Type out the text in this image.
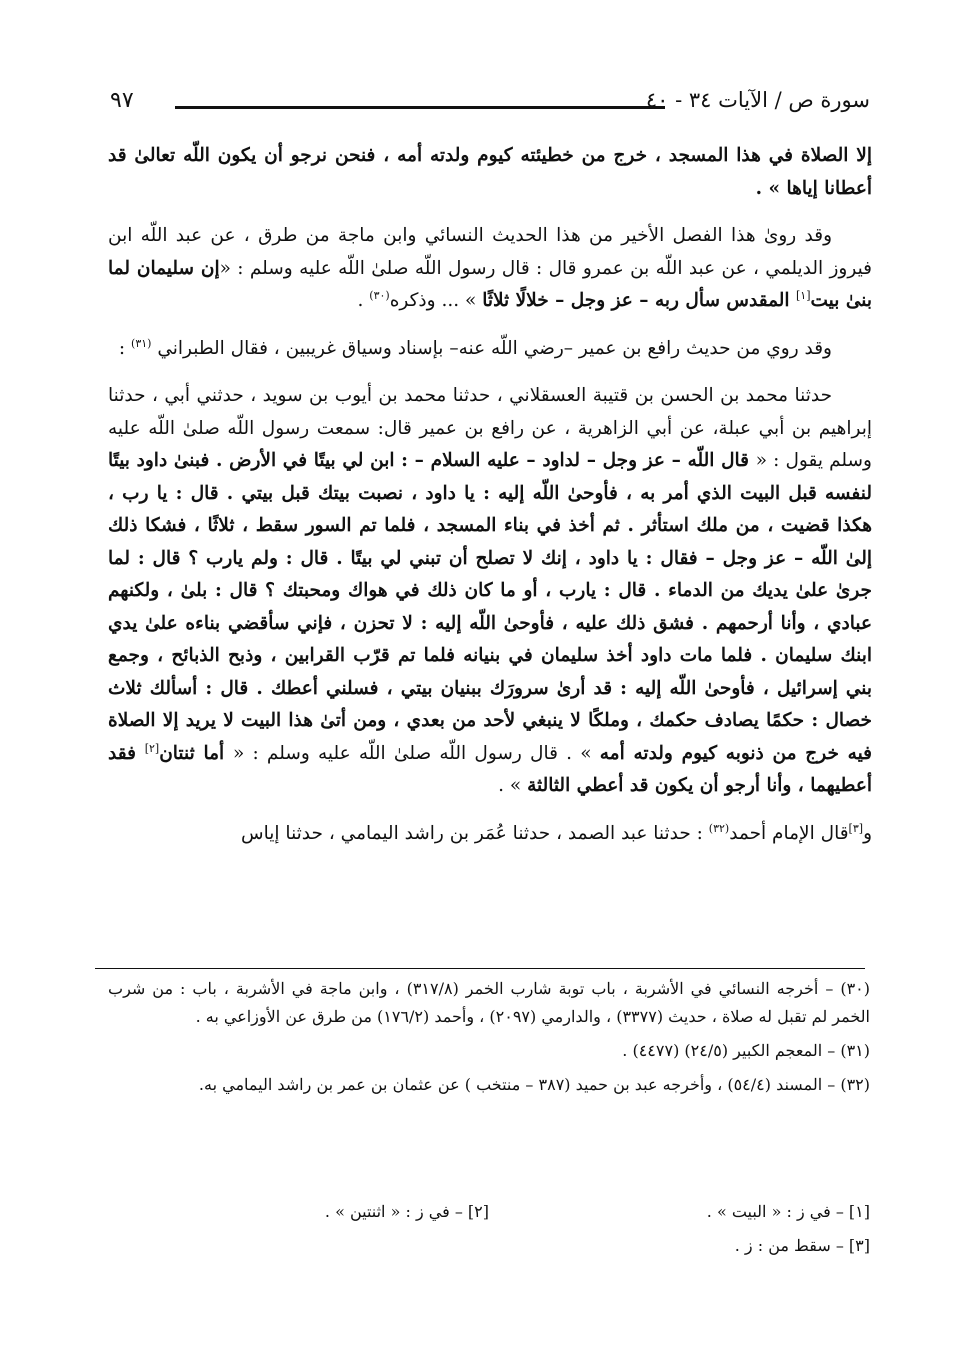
سورة ص / الآيات ٣٤ - ٤٠
٩٧

إلا الصلاة في هذا المسجد ، خرج من خطيئته كيوم ولدته أمه ، فنحن نرجو أن يكون اللّه تعالىٰ قد أعطانا إياها » .

وقد روىٰ هذا الفصل الأخير من هذا الحديث النسائي وابن ماجة من طرق ، عن عبد اللّه ابن فيروز الديلمي ، عن عبد اللّه بن عمرو قال : قال رسول اللّه صلىٰ اللّه عليه وسلم : «إن سليمان لما بنىٰ بيت[١] المقدس سأل ربه – عز وجل – خلالًا ثلاثًا » ... وذكره$^{(٣٠)}$ .

وقد روي من حديث رافع بن عمير –رضي اللّه عنه– بإسناد وسياق غريبين ، فقال الطبراني $^{(٣١)}$ :

حدثنا محمد بن الحسن بن قتيبة العسقلاني ، حدثنا محمد بن أيوب بن سويد ، حدثني أبي ، حدثنا إبراهيم بن أبي عبلة، عن أبي الزاهرية ، عن رافع بن عمير قال: سمعت رسول اللّه صلىٰ اللّه عليه وسلم يقول : « قال اللّه – عز وجل – لداود – عليه السلام – : ابن لي بيتًا في الأرض . فبنىٰ داود بيتًا لنفسه قبل البيت الذي أمر به ، فأوحىٰ اللّه إليه : يا داود ، نصبت بيتك قبل بيتي . قال : يا رب ، هكذا قضيت ، من ملك استأثر . ثم أخذ في بناء المسجد ، فلما تم السور سقط ، ثلاثًا ، فشكا ذلك إلىٰ اللّه – عز وجل – فقال : يا داود ، إنك لا تصلح أن تبني لي بيتًا . قال : ولم يارب ؟ قال : لما جرىٰ علىٰ يديك من الدماء . قال : يارب ، أو ما كان ذلك في هواك ومحبتك ؟ قال : بلىٰ ، ولكنهم عبادي ، وأنا أرحمهم . فشق ذلك عليه ، فأوحىٰ اللّه إليه : لا تحزن ، فإني سأقضي بناءه علىٰ يدي ابنك سليمان . فلما مات داود أخذ سليمان في بنيانه فلما تم قرّب القرابين ، وذبح الذبائح ، وجمع بني إسرائيل ، فأوحىٰ اللّه إليه : قد أرىٰ سرورَك ببنيان بيتي ، فسلني أعطك . قال : أسألك ثلاث خصال : حكمًا يصادف حكمك ، وملكًا لا ينبغي لأحد من بعدي ، ومن أتىٰ هذا البيت لا يريد إلا الصلاة فيه خرج من ذنوبه كيوم ولدته أمه » . قال رسول اللّه صلىٰ اللّه عليه وسلم : « أما ثنتان[٢] فقد أعطيهما ، وأنا أرجو أن يكون قد أعطي الثالثة » .

و[٣]قال الإمام أحمد$^{(٣٢)}$ : حدثنا عبد الصمد ، حدثنا عُمَر بن راشد اليمامي ، حدثنا إياس

(٣٠) – أخرجه النسائي في الأشربة ، باب توبة شارب الخمر (٣١٧/٨) ، وابن ماجة في الأشربة ، باب : من شرب الخمر لم تقبل له صلاة ، حديث (٣٣٧٧) ، والدارمي (٢٠٩٧) ، وأحمد (١٧٦/٢) من طرق عن الأوزاعي به .

(٣١) – المعجم الكبير (٢٤/٥) (٤٤٧٧) .

(٣٢) – المسند (٥٤/٤) ، وأخرجه عبد بن حميد (٣٨٧ – منتخب ) عن عثمان بن عمر بن راشد اليمامي به.

[١] – في ز : « البيت » .
[٢] – في ز : « اثنتين » .
[٣] – سقط من : ز .
